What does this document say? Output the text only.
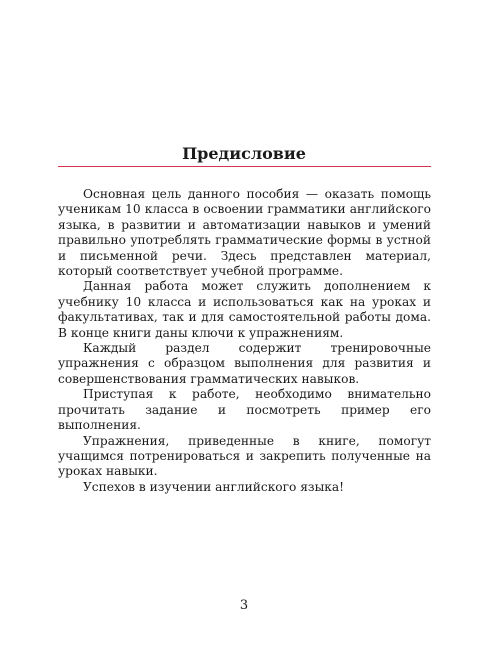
Предисловие

Основная цель данного пособия — оказать помощь ученикам 10 класса в освоении грамматики английского языка, в развитии и автоматизации навыков и умений правильно употреблять грамматические формы в устной и письменной речи. Здесь представлен материал, который соответствует учебной программе.

Данная работа может служить дополнением к учебнику 10 класса и использоваться как на уроках и факультативах, так и для самостоятельной работы дома. В конце книги даны ключи к упражнениям.

Каждый раздел содержит тренировочные упражнения с образцом выполнения для развития и совершенствования грамматических навыков.

Приступая к работе, необходимо внимательно прочитать задание и посмотреть пример его выполнения.

Упражнения, приведенные в книге, помогут учащимся потренироваться и закрепить полученные на уроках навыки.

Успехов в изучении английского языка!

3
